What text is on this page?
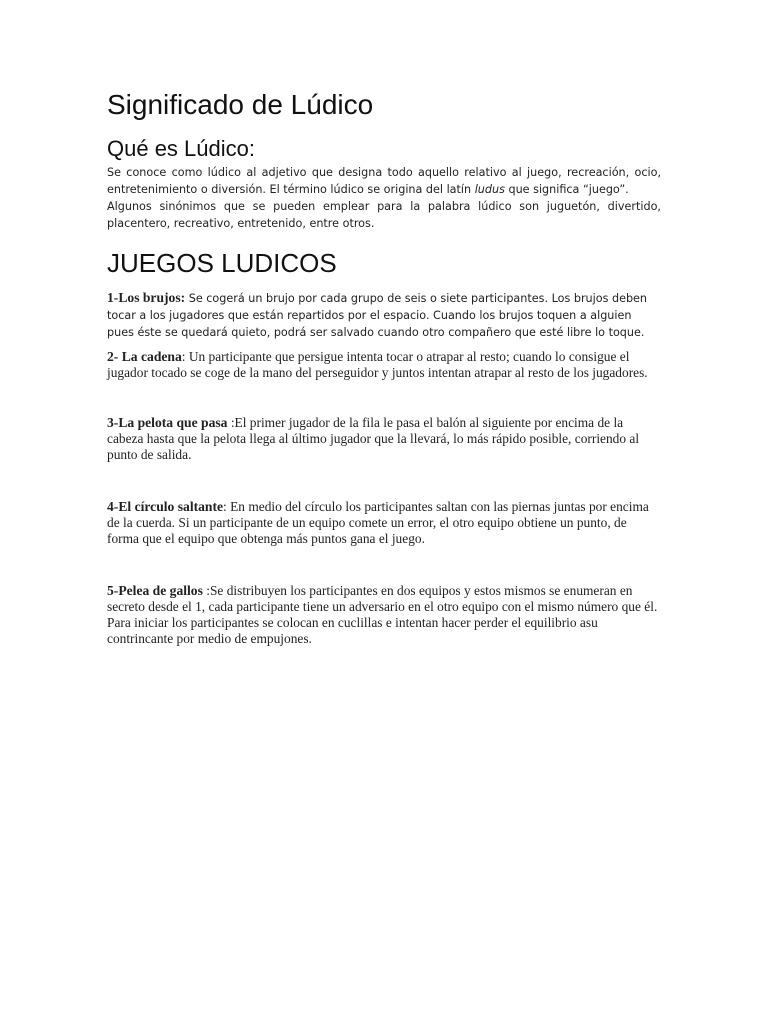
Significado de Lúdico
Qué es Lúdico:

Se conoce como lúdico al adjetivo que designa todo aquello relativo al juego, recreación, ocio, entretenimiento o diversión. El término lúdico se origina del latín ludus que significa “juego”.

Algunos sinónimos que se pueden emplear para la palabra lúdico son juguetón, divertido, placentero, recreativo, entretenido, entre otros.

JUEGOS LUDICOS

1-Los brujos: Se cogerá un brujo por cada grupo de seis o siete participantes. Los brujos deben tocar a los jugadores que están repartidos por el espacio. Cuando los brujos toquen a alguien pues éste se quedará quieto, podrá ser salvado cuando otro compañero que esté libre lo toque.

2- La cadena: Un participante que persigue intenta tocar o atrapar al resto; cuando lo consigue el jugador tocado se coge de la mano del perseguidor y juntos intentan atrapar al resto de los jugadores.

3-La pelota que pasa :El primer jugador de la fila le pasa el balón al siguiente por encima de la cabeza hasta que la pelota llega al último jugador que la llevará, lo más rápido posible, corriendo al punto de salida.

4-El círculo saltante: En medio del círculo los participantes saltan con las piernas juntas por encima de la cuerda. Si un participante de un equipo comete un error, el otro equipo obtiene un punto, de forma que el equipo que obtenga más puntos gana el juego.

5-Pelea de gallos :Se distribuyen los participantes en dos equipos y estos mismos se enumeran en secreto desde el 1, cada participante tiene un adversario en el otro equipo con el mismo número que él.

Para iniciar los participantes se colocan en cuclillas e intentan hacer perder el equilibrio asu contrincante por medio de empujones.
